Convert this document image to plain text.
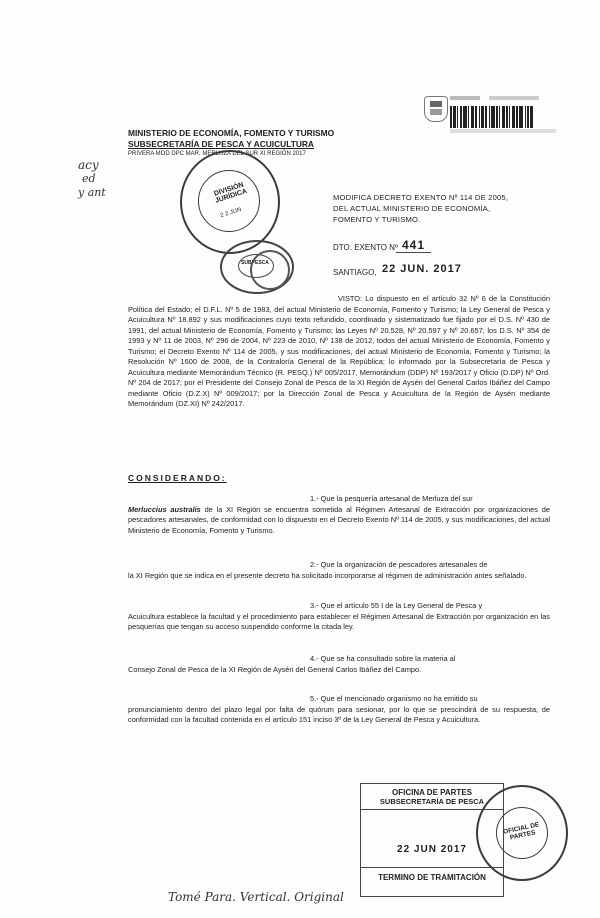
MINISTERIO DE ECONOMÍA, FOMENTO Y TURISMO
SUBSECRETARÍA DE PESCA Y ACUICULTURA
PRIVERA MOD DPC MAR. MERLUZA DEL SUR XI REGIÓN 2017
acy
ed
y ant	DIVISIÓN JURÍDICA
2 2 JUN
SUBPESCA

MODIFICA DECRETO EXENTO Nº 114 DE 2005,
DEL ACTUAL MINISTERIO DE ECONOMÍA,
FOMENTO Y TURISMO.
DTO. EXENTO Nº 441
SANTIAGO, 22 JUN. 2017
VISTO: Lo dispuesto en el artículo 32 Nº 6 de la Constitución Política del Estado; el D.F.L. Nº 5 de 1983, del actual Ministerio de Economía, Fomento y Turismo; la Ley General de Pesca y Acuicultura Nº 18.892 y sus modificaciones cuyo texto refundido, coordinado y sistematizado fue fijado por el D.S. Nº 430 de 1991, del actual Ministerio de Economía, Fomento y Turismo; las Leyes Nº 20.528, Nº 20.597 y Nº 20.657; los D.S. Nº 354 de 1993 y Nº 11 de 2003, Nº 296 de 2004, Nº 223 de 2010, Nº 138 de 2012, todos del actual Ministerio de Economía, Fomento y Turismo; el Decreto Exento Nº 114 de 2005, y sus modificaciones, del actual Ministerio de Economía, Fomento y Turismo; la Resolución Nº 1600 de 2008, de la Contraloría General de la República; lo informado por la Subsecretaría de Pesca y Acuicultura mediante Memorándum Técnico (R. PESQ.) Nº 005/2017, Memorándum (DDP) Nº 193/2017 y Oficio (D.DP) Nº Ord. Nº 204 de 2017; por el Presidente del Consejo Zonal de Pesca de la XI Región de Aysén del General Carlos Ibáñez del Campo mediante Oficio (D.Z.X) Nº 009/2017; por la Dirección Zonal de Pesca y Acuicultura de la Región de Aysén mediante Memorándum (DZ.XI) Nº 242/2017.
CONSIDERANDO:
1.- Que la pesquería artesanal de Merluza del sur
Merluccius australis de la XI Región se encuentra sometida al Régimen Artesanal de Extracción por organizaciones de pescadores artesanales, de conformidad con lo dispuesto en el Decreto Exento Nº 114 de 2005, y sus modificaciones, del actual Ministerio de Economía, Fomento y Turismo.
2.- Que la organización de pescadores artesanales de
la XI Región que se indica en el presente decreto ha solicitado incorporarse al régimen de administración antes señalado.
3.- Que el artículo 55 I de la Ley General de Pesca y
Acuicultura establece la facultad y el procedimiento para establecer el Régimen Artesanal de Extracción por organización en las pesquerías que tengan su acceso suspendido conforme la citada ley.
4.- Que se ha consultado sobre la materia al
Consejo Zonal de Pesca de la XI Región de Aysén del General Carlos Ibáñez del Campo.
5.- Que el mencionado organismo no ha emitido su
pronunciamiento dentro del plazo legal por falta de quórum para sesionar, por lo que se prescindirá de su respuesta, de conformidad con la facultad contenida en el artículo 151 inciso 3º de la Ley General de Pesca y Acuicultura.
OFICINA DE PARTES
SUBSECRETARÍA DE PESCA
22 JUN 2017
TERMINO DE TRAMITACIÓN
OFICIAL DE PARTES
Tomé Para. Vertical. Original
